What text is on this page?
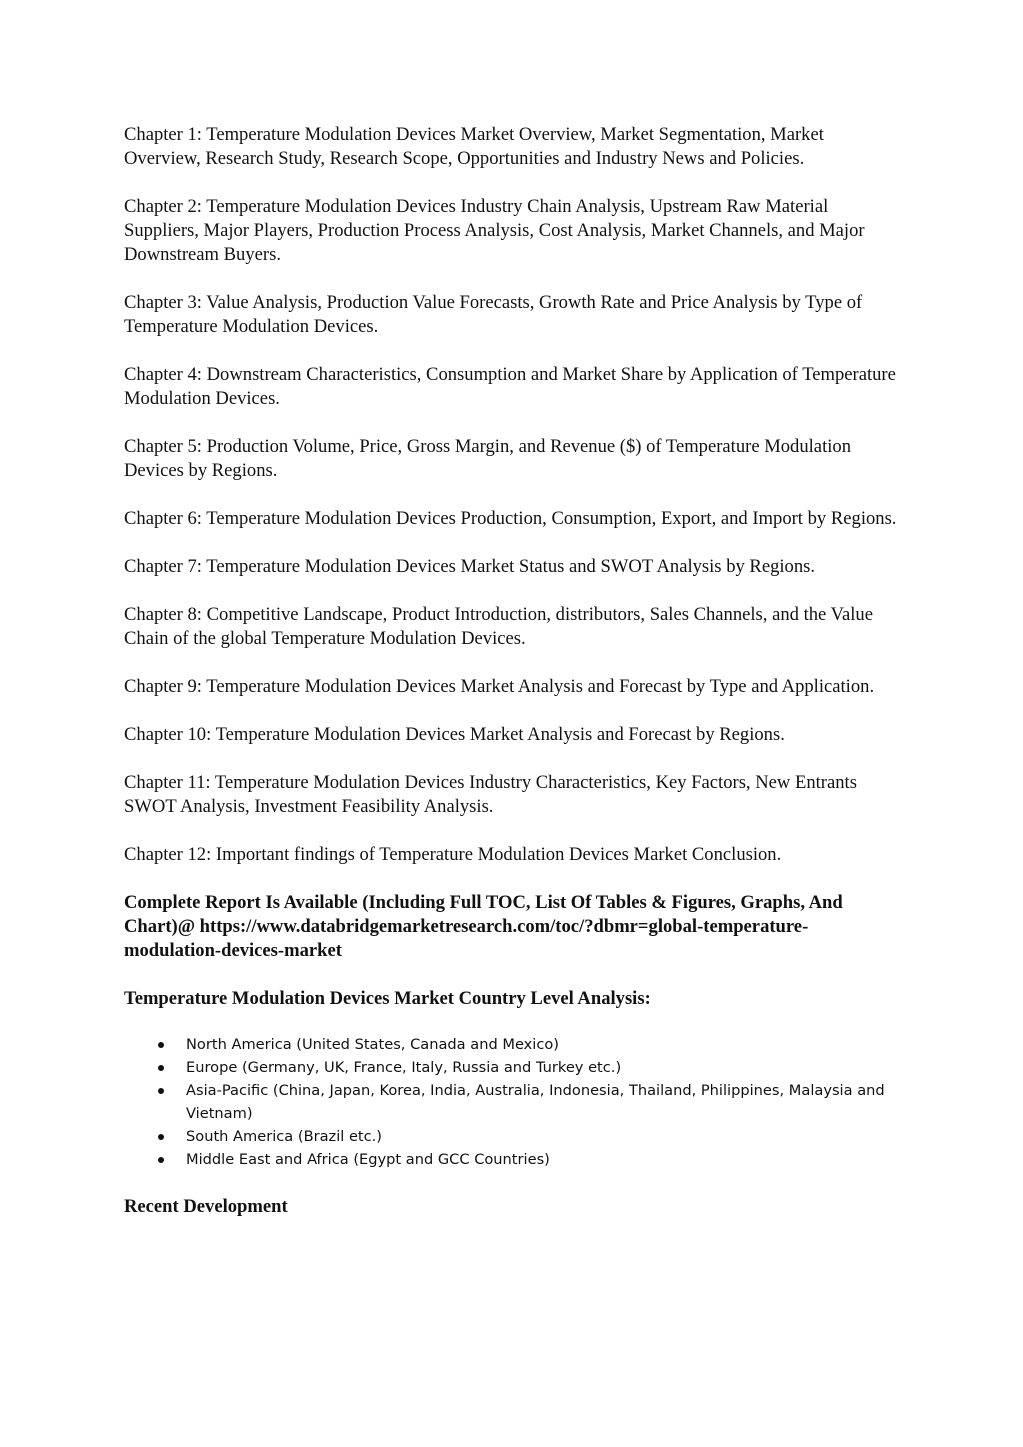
Chapter 1: Temperature Modulation Devices Market Overview, Market Segmentation, Market Overview, Research Study, Research Scope, Opportunities and Industry News and Policies.

Chapter 2: Temperature Modulation Devices Industry Chain Analysis, Upstream Raw Material Suppliers, Major Players, Production Process Analysis, Cost Analysis, Market Channels, and Major Downstream Buyers.

Chapter 3: Value Analysis, Production Value Forecasts, Growth Rate and Price Analysis by Type of Temperature Modulation Devices.

Chapter 4: Downstream Characteristics, Consumption and Market Share by Application of Temperature Modulation Devices.

Chapter 5: Production Volume, Price, Gross Margin, and Revenue ($) of Temperature Modulation Devices by Regions.

Chapter 6: Temperature Modulation Devices Production, Consumption, Export, and Import by Regions.

Chapter 7: Temperature Modulation Devices Market Status and SWOT Analysis by Regions.

Chapter 8: Competitive Landscape, Product Introduction, distributors, Sales Channels, and the Value Chain of the global Temperature Modulation Devices.

Chapter 9: Temperature Modulation Devices Market Analysis and Forecast by Type and Application.

Chapter 10: Temperature Modulation Devices Market Analysis and Forecast by Regions.

Chapter 11: Temperature Modulation Devices Industry Characteristics, Key Factors, New Entrants SWOT Analysis, Investment Feasibility Analysis.

Chapter 12: Important findings of Temperature Modulation Devices Market Conclusion.

Complete Report Is Available (Including Full TOC, List Of Tables & Figures, Graphs, And Chart)@ https://www.databridgemarketresearch.com/toc/?dbmr=global-temperature-modulation-devices-market

Temperature Modulation Devices Market Country Level Analysis:

North America (United States, Canada and Mexico)
Europe (Germany, UK, France, Italy, Russia and Turkey etc.)
Asia-Pacific (China, Japan, Korea, India, Australia, Indonesia, Thailand, Philippines, Malaysia and Vietnam)
South America (Brazil etc.)
Middle East and Africa (Egypt and GCC Countries)

Recent Development
